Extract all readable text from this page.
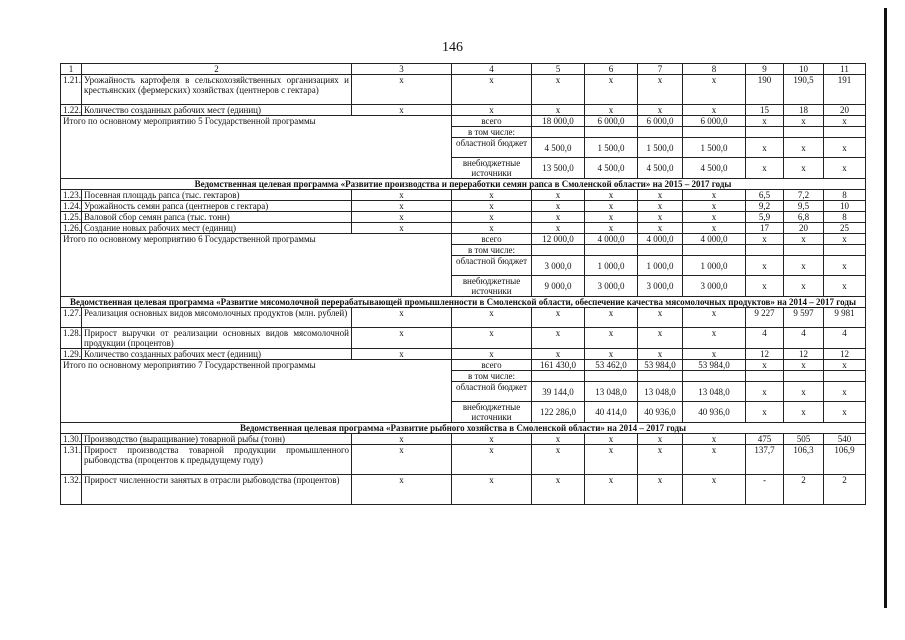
146
1	2	3	4	5	6	7	8	9	10	11
1.21.	Урожайность картофеля в сельскохозяйственных организациях и крестьянских (фермерских) хозяйствах (центнеров с гектара)	х	х	х	х	х	х	190	190,5	191
1.22.	Количество созданных рабочих мест (единиц)	х	х	х	х	х	х	15	18	20
Итого по основному мероприятию 5 Государственной программы			всего	18 000,0	6 000,0	6 000,0	6 000,0	х	х	х
			в том числе:							
			областной бюджет	4 500,0	1 500,0	1 500,0	1 500,0	х	х	х
			внебюджетные источники	13 500,0	4 500,0	4 500,0	4 500,0	х	х	х
Ведомственная целевая программа «Развитие производства и переработки семян рапса в Смоленской области» на 2015 – 2017 годы										
1.23.	Посевная площадь рапса (тыс. гектаров)	х	х	х	х	х	х	6,5	7,2	8
1.24.	Урожайность семян рапса (центнеров с гектара)	х	х	х	х	х	х	9,2	9,5	10
1.25.	Валовой сбор семян рапса (тыс. тонн)	х	х	х	х	х	х	5,9	6,8	8
1.26.	Создание новых рабочих мест (единиц)	х	х	х	х	х	х	17	20	25
Итого по основному мероприятию 6 Государственной программы			всего	12 000,0	4 000,0	4 000,0	4 000,0	х	х	х
			в том числе:							
			областной бюджет	3 000,0	1 000,0	1 000,0	1 000,0	х	х	х
			внебюджетные источники	9 000,0	3 000,0	3 000,0	3 000,0	х	х	х
Ведомственная целевая программа «Развитие мясомолочной перерабатывающей промышленности в Смоленской области, обеспечение качества мясомолочных продуктов» на 2014 – 2017 годы										
1.27.	Реализация основных видов мясомолочных продуктов (млн. рублей)	х	х	х	х	х	х	9 227	9 597	9 981
1.28.	Прирост выручки от реализации основных видов мясомолочной продукции (процентов)	х	х	х	х	х	х	4	4	4
1.29.	Количество созданных рабочих мест (единиц)	х	х	х	х	х	х	12	12	12
Итого по основному мероприятию 7 Государственной программы			всего	161 430,0	53 462,0	53 984,0	53 984,0	х	х	х
			в том числе:							
			областной бюджет	39 144,0	13 048,0	13 048,0	13 048,0	х	х	х
			внебюджетные источники	122 286,0	40 414,0	40 936,0	40 936,0	х	х	х
Ведомственная целевая программа «Развитие рыбного хозяйства в Смоленской области» на 2014 – 2017 годы										
1.30.	Производство (выращивание) товарной рыбы (тонн)	х	х	х	х	х	х	475	505	540
1.31.	Прирост производства товарной продукции промышленного рыбоводства (процентов к предыдущему году)	х	х	х	х	х	х	137,7	106,3	106,9
1.32.	Прирост численности занятых в отрасли рыбоводства (процентов)	х	х	х	х	х	х	-	2	2
